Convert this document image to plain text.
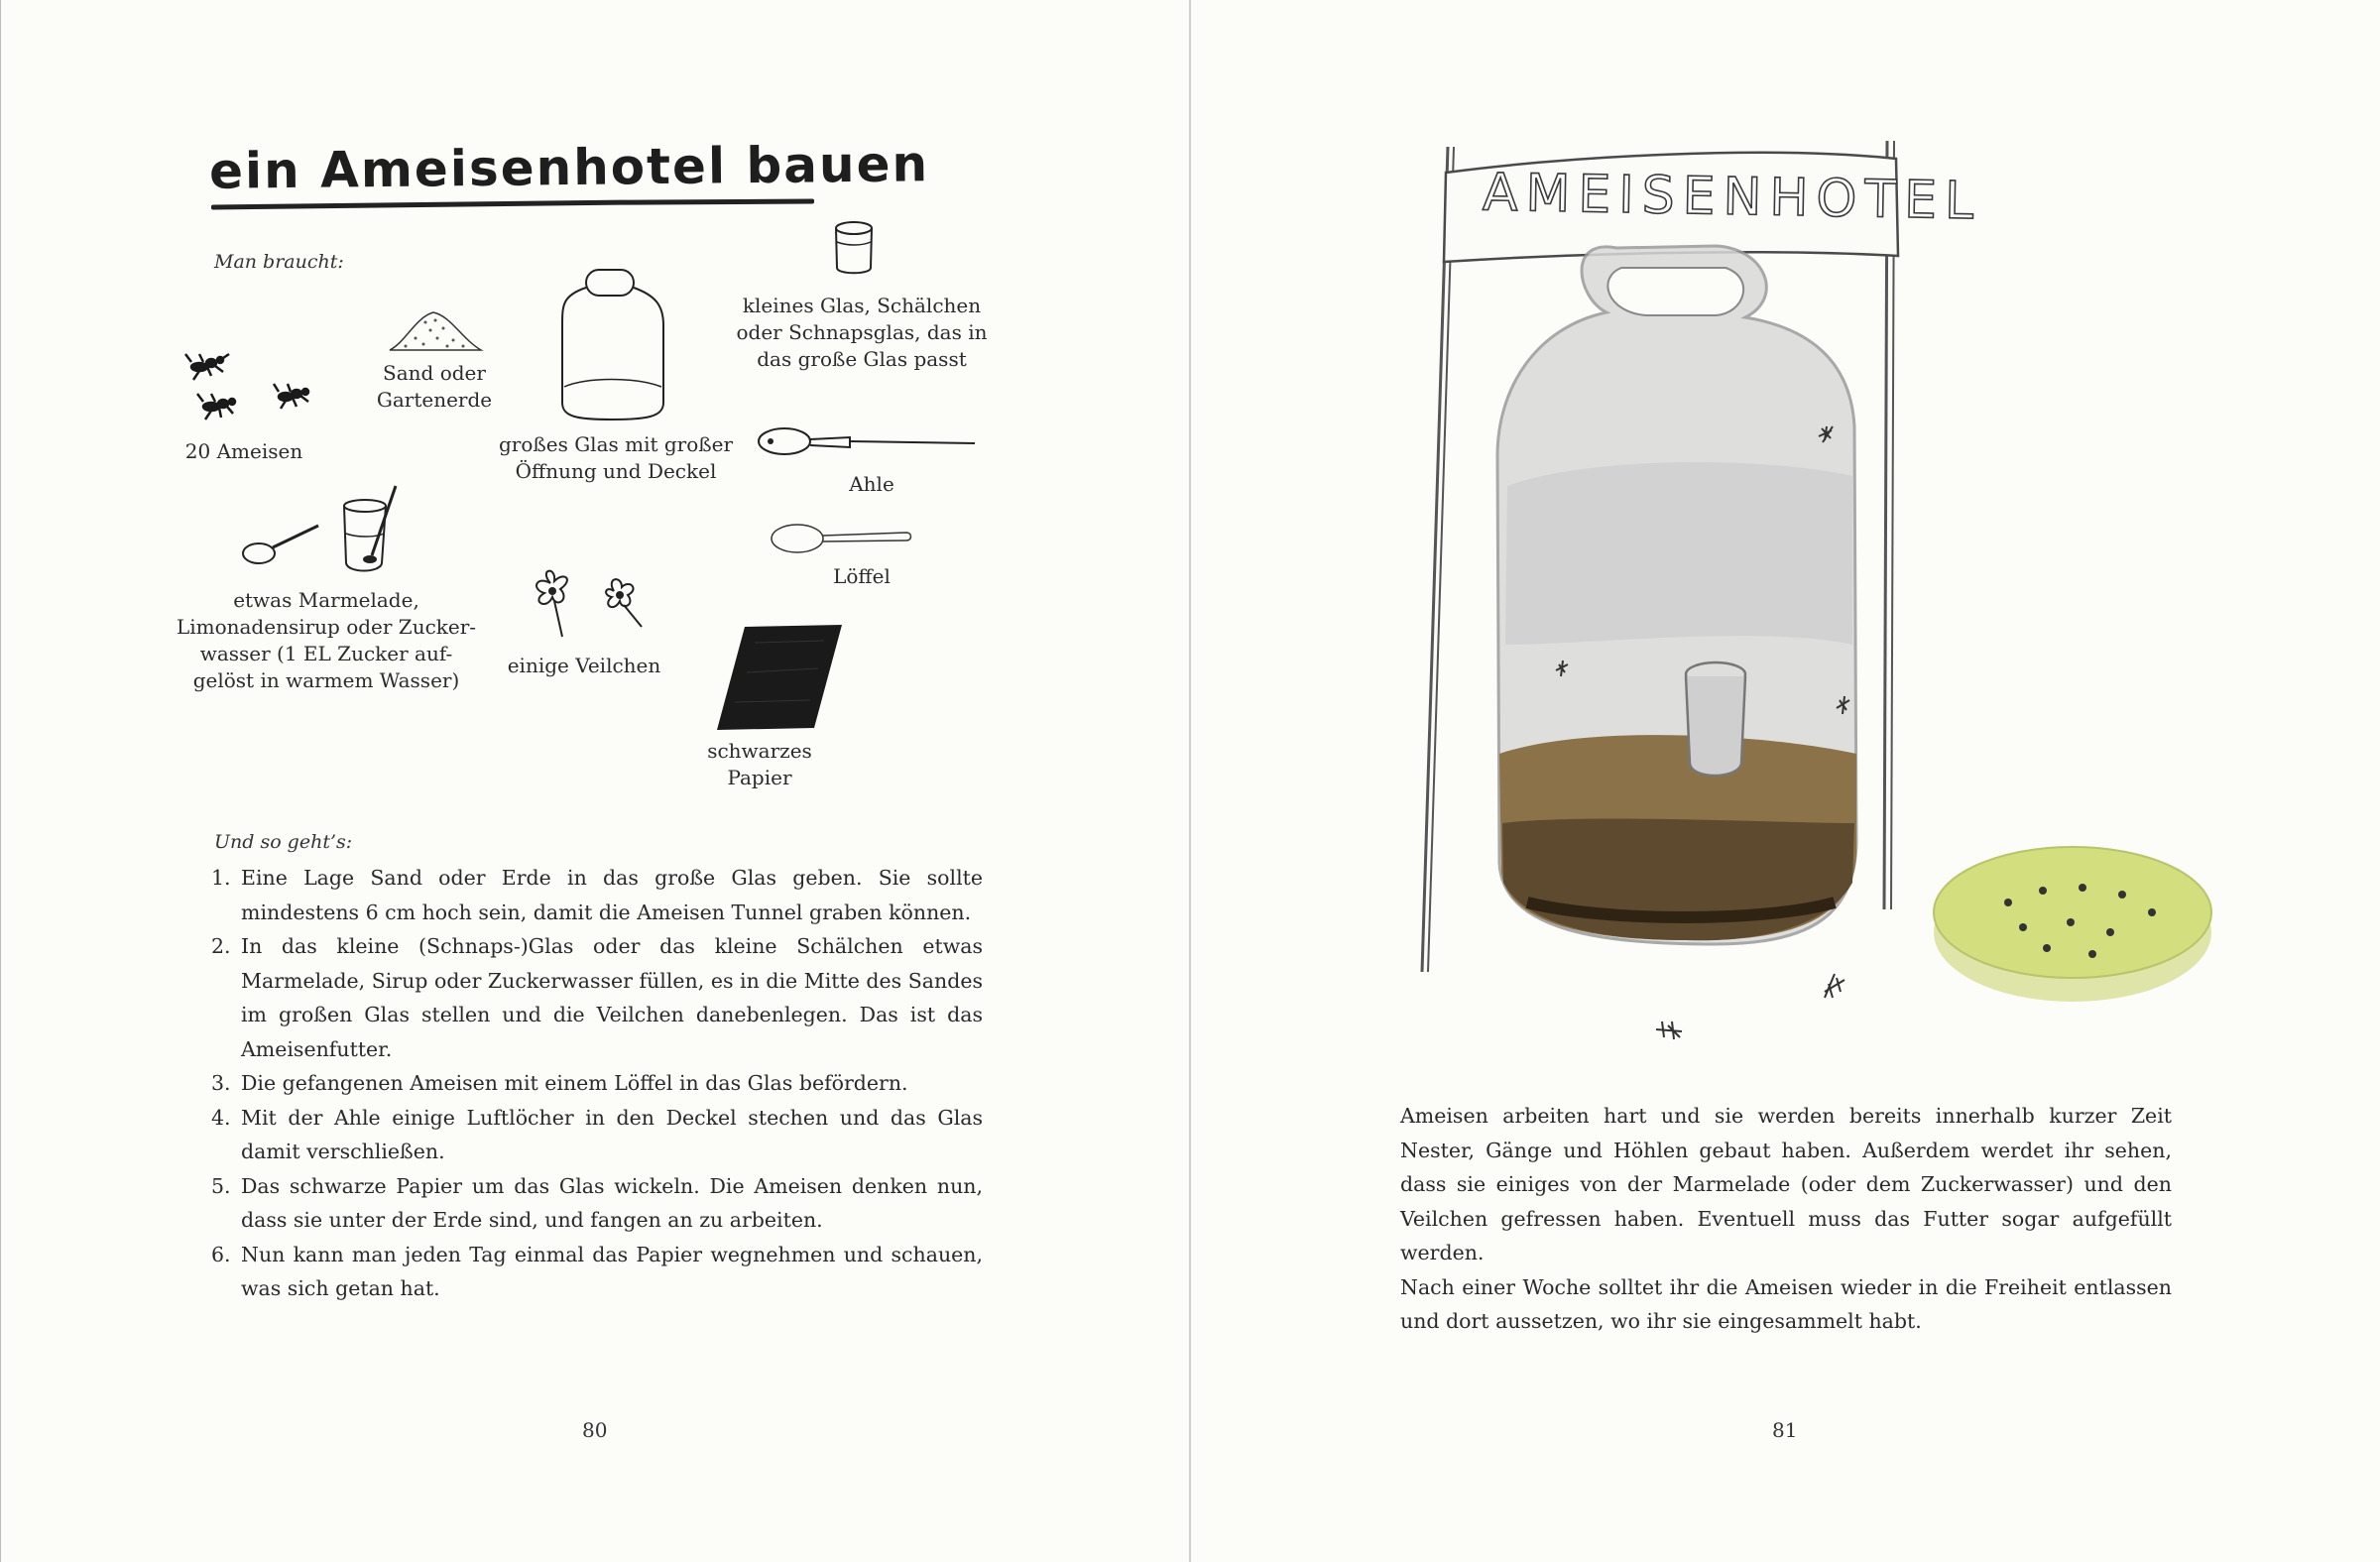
ein Ameisenhotel bauen
Man braucht:
20 Ameisen
Sand oder
Gartenerde
großes Glas mit großer
Öffnung und Deckel
kleines Glas, Schälchen
oder Schnapsglas, das in
das große Glas passt
Ahle
Löffel
etwas Marmelade,
Limonadensirup oder Zucker-
wasser (1 EL Zucker auf-
gelöst in warmem Wasser)
einige Veilchen
schwarzes
Papier
Und so geht’s:
1. Eine Lage Sand oder Erde in das große Glas geben. Sie sollte mindestens 6 cm hoch sein, damit die Ameisen Tunnel graben können.
2. In das kleine (Schnaps-)Glas oder das kleine Schälchen etwas Marmelade, Sirup oder Zuckerwasser füllen, es in die Mitte des Sandes im großen Glas stellen und die Veilchen danebenlegen. Das ist das Ameisenfutter.
3. Die gefangenen Ameisen mit einem Löffel in das Glas befördern.
4. Mit der Ahle einige Luftlöcher in den Deckel stechen und das Glas damit verschließen.
5. Das schwarze Papier um das Glas wickeln. Die Ameisen denken nun, dass sie unter der Erde sind, und fangen an zu arbeiten.
6. Nun kann man jeden Tag einmal das Papier wegnehmen und schauen, was sich getan hat.
80
AMEISENHOTEL

Ameisen arbeiten hart und sie werden bereits innerhalb kurzer Zeit Nester, Gänge und Höhlen gebaut haben. Außerdem werdet ihr sehen, dass sie einiges von der Marmelade (oder dem Zuckerwasser) und den Veilchen gefressen haben. Eventuell muss das Futter sogar aufgefüllt werden.

Nach einer Woche solltet ihr die Ameisen wieder in die Freiheit entlassen und dort aussetzen, wo ihr sie eingesammelt habt.

81
